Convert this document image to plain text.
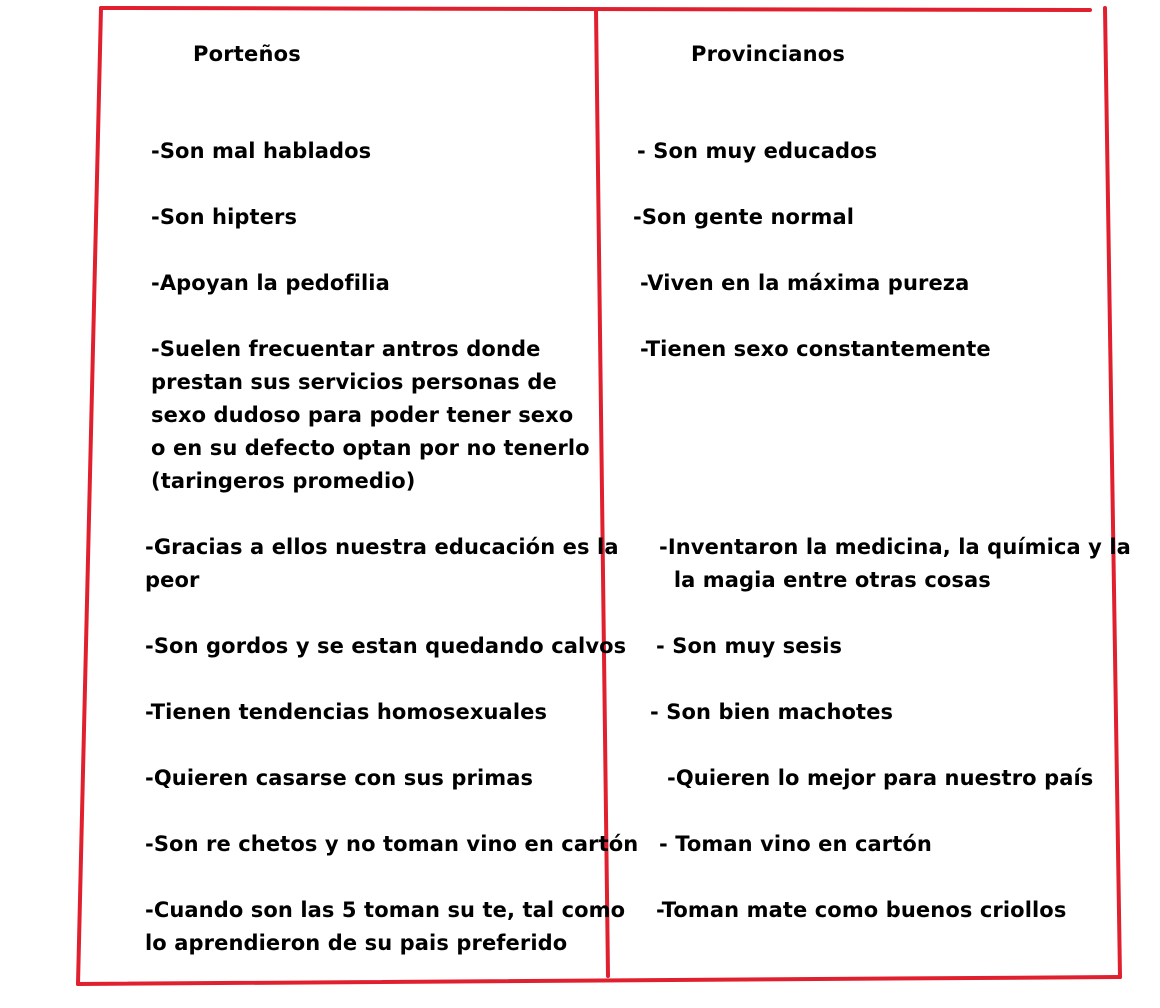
Porteños	Provincianos
-Son mal hablados
-Son hipters
-Apoyan la pedofilia
-Suelen frecuentar antros donde
prestan sus servicios personas de
sexo dudoso para poder tener sexo
o en su defecto optan por no tenerlo
(taringeros promedio)
-Gracias a ellos nuestra educación es la
peor
-Son gordos y se estan quedando calvos
-Tienen tendencias homosexuales
-Quieren casarse con sus primas
-Son re chetos y no toman vino en cartón
-Cuando son las 5 toman su te, tal como
lo aprendieron de su pais preferido
- Son muy educados
-Son gente normal
-Viven en la máxima pureza
-Tienen sexo constantemente
-Inventaron la medicina, la química y la
la magia entre otras cosas
- Son muy sesis
- Son bien machotes
-Quieren lo mejor para nuestro país
- Toman vino en cartón
-Toman mate como buenos criollos
